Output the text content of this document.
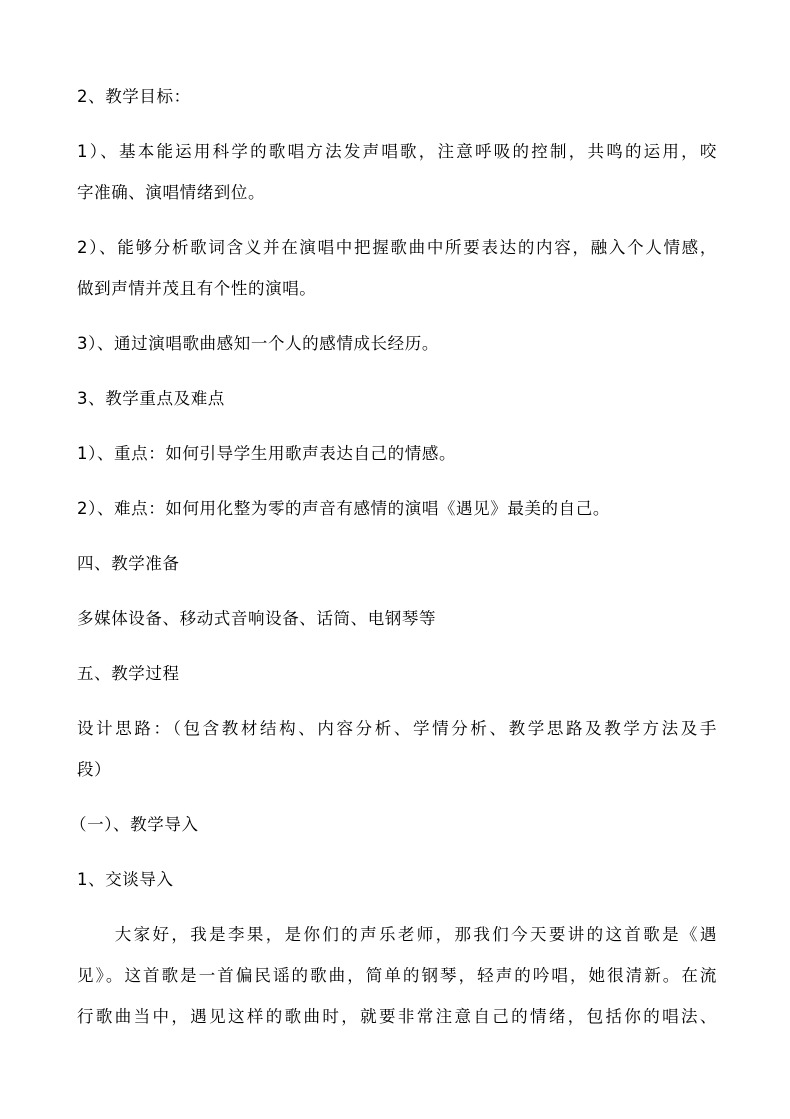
2、教学目标：
1）、基本能运用科学的歌唱方法发声唱歌，注意呼吸的控制，共鸣的运用，咬
字准确、演唱情绪到位。
2）、能够分析歌词含义并在演唱中把握歌曲中所要表达的内容，融入个人情感，
做到声情并茂且有个性的演唱。
3）、通过演唱歌曲感知一个人的感情成长经历。
3、教学重点及难点
1）、重点：如何引导学生用歌声表达自己的情感。
2）、难点：如何用化整为零的声音有感情的演唱《遇见》最美的自己。
四、教学准备
多媒体设备、移动式音响设备、话筒、电钢琴等
五、教学过程
设计思路：（包含教材结构、内容分析、学情分析、教学思路及教学方法及手
段）
（一）、教学导入
1、交谈导入
　　大家好，我是李果，是你们的声乐老师，那我们今天要讲的这首歌是《遇
见》。这首歌是一首偏民谣的歌曲，简单的钢琴，轻声的吟唱，她很清新。在流
行歌曲当中，遇见这样的歌曲时，就要非常注意自己的情绪，包括你的唱法、
